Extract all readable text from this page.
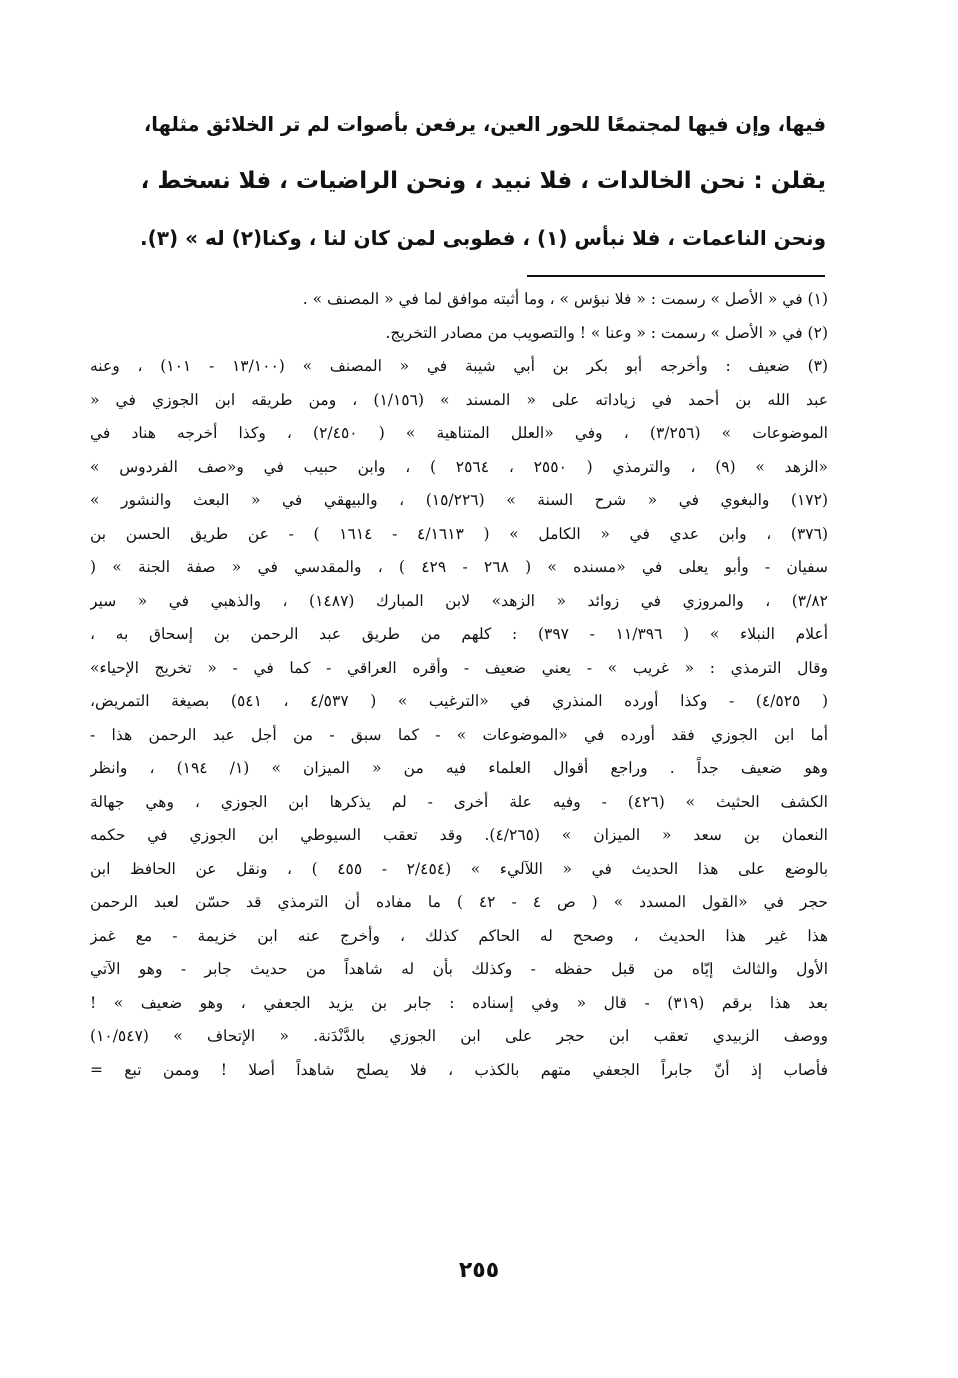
فيها، وإن فيها لمجتمعًا للحور العين، يرفعن بأصوات لم تر الخلائق مثلها،
يقلن : نحن الخالدات ، فلا نبيد ، ونحن الراضيات ، فلا نسخط ،
ونحن الناعمات ، فلا نبأس (١) ، فطوبى لمن كان لنا ، وكنا(٢) له » (٣).
(١) في « الأصل » رسمت : « فلا نبؤس » ، وما أثبته موافق لما في « المصنف » .
(٢) في « الأصل » رسمت : « وعنا » ! والتصويب من مصادر التخريج.
(٣) ضعيف : وأخرجه أبو بكر بن أبي شيبة في « المصنف » (١٣/١٠٠ - ١٠١) ، وعنه
عبد الله بن أحمد في زياداته على « المسند » (١/١٥٦) ، ومن طريقه ابن الجوزي في «
الموضوعات » (٣/٢٥٦) ، وفي «العلل المتناهية » ( ٢/٤٥٠) ، وكذا أخرجه هناد في
«الزهد » (٩) ، والترمذي ( ٢٥٥٠ ، ٢٥٦٤ ) ، وابن حبيب في و«صف الفردوس »
(١٧٢) والبغوي في « شرح السنة » (١٥/٢٢٦) ، والبيهقي في « البعث والنشور »
(٣٧٦) ، وابن عدي في « الكامل » ( ٤/١٦١٣ - ١٦١٤ ) - عن طريق الحسن بن
سفيان - وأبو يعلى في «مسنده » ( ٢٦٨ - ٤٢٩ ) ، والمقدسي في « صفة الجنة » (
٣/٨٢) ، والمروزي في زوائد « الزهد» لابن المبارك (١٤٨٧) ، والذهبي في « سير
أعلام النبلاء » ( ١١/٣٩٦ - ٣٩٧) : كلهم من طريق عبد الرحمن بن إسحاق به ،
وقال الترمذي : « غريب » - يعني ضعيف - وأقره العراقي - كما في - « تخريج الإحياء»
( ٤/٥٢٥) - وكذا أورده المنذري في «الترغيب » ( ٤/٥٣٧ ، ٥٤١) بصيغة التمريض،
أما ابن الجوزي فقد أورده في «الموضوعات » - كما سبق - من أجل عبد الرحمن هذا -
وهو ضعيف جداً . وراجع أقوال العلماء فيه من « الميزان » (١/ ١٩٤) ، وانظر
الكشف الحثيث » (٤٢٦) - وفيه علة أخرى - لم يذكرها ابن الجوزي ، وهي جهالة
النعمان بن سعد « الميزان » (٤/٢٦٥). وقد تعقب السيوطي ابن الجوزي في حكمه
بالوضع على هذا الحديث في « اللآليء » (٢/٤٥٤ - ٤٥٥ ) ، ونقل عن الحافظ ابن
حجر في «القول المسدد » ( ص ٤ - ٤٢ ) ما مفاده أن الترمذي قد حسّن لعبد الرحمن
هذا غير هذا الحديث ، وصحح له الحاكم كذلك ، وأخرج عنه ابن خزيمة - مع غمز
الأول والثالث إيّاه من قبل حفظه - وكذلك بأن له شاهداً من حديث جابر - وهو الآتي
بعد هذا برقم (٣١٩) - قال « وفي إسناده : جابر بن يزيد الجعفي ، وهو ضعيف » !
ووصف الزبيدي تعقب ابن حجر على ابن الجوزي بالدَّنْدَنة. « الإتحاف » (١٠/٥٤٧)
فأصاب إذ أنّ جابراً الجعفي متهم بالكذب ، فلا يصلح شاهداً أصلا ! وممن تبع =
٢٥٥
